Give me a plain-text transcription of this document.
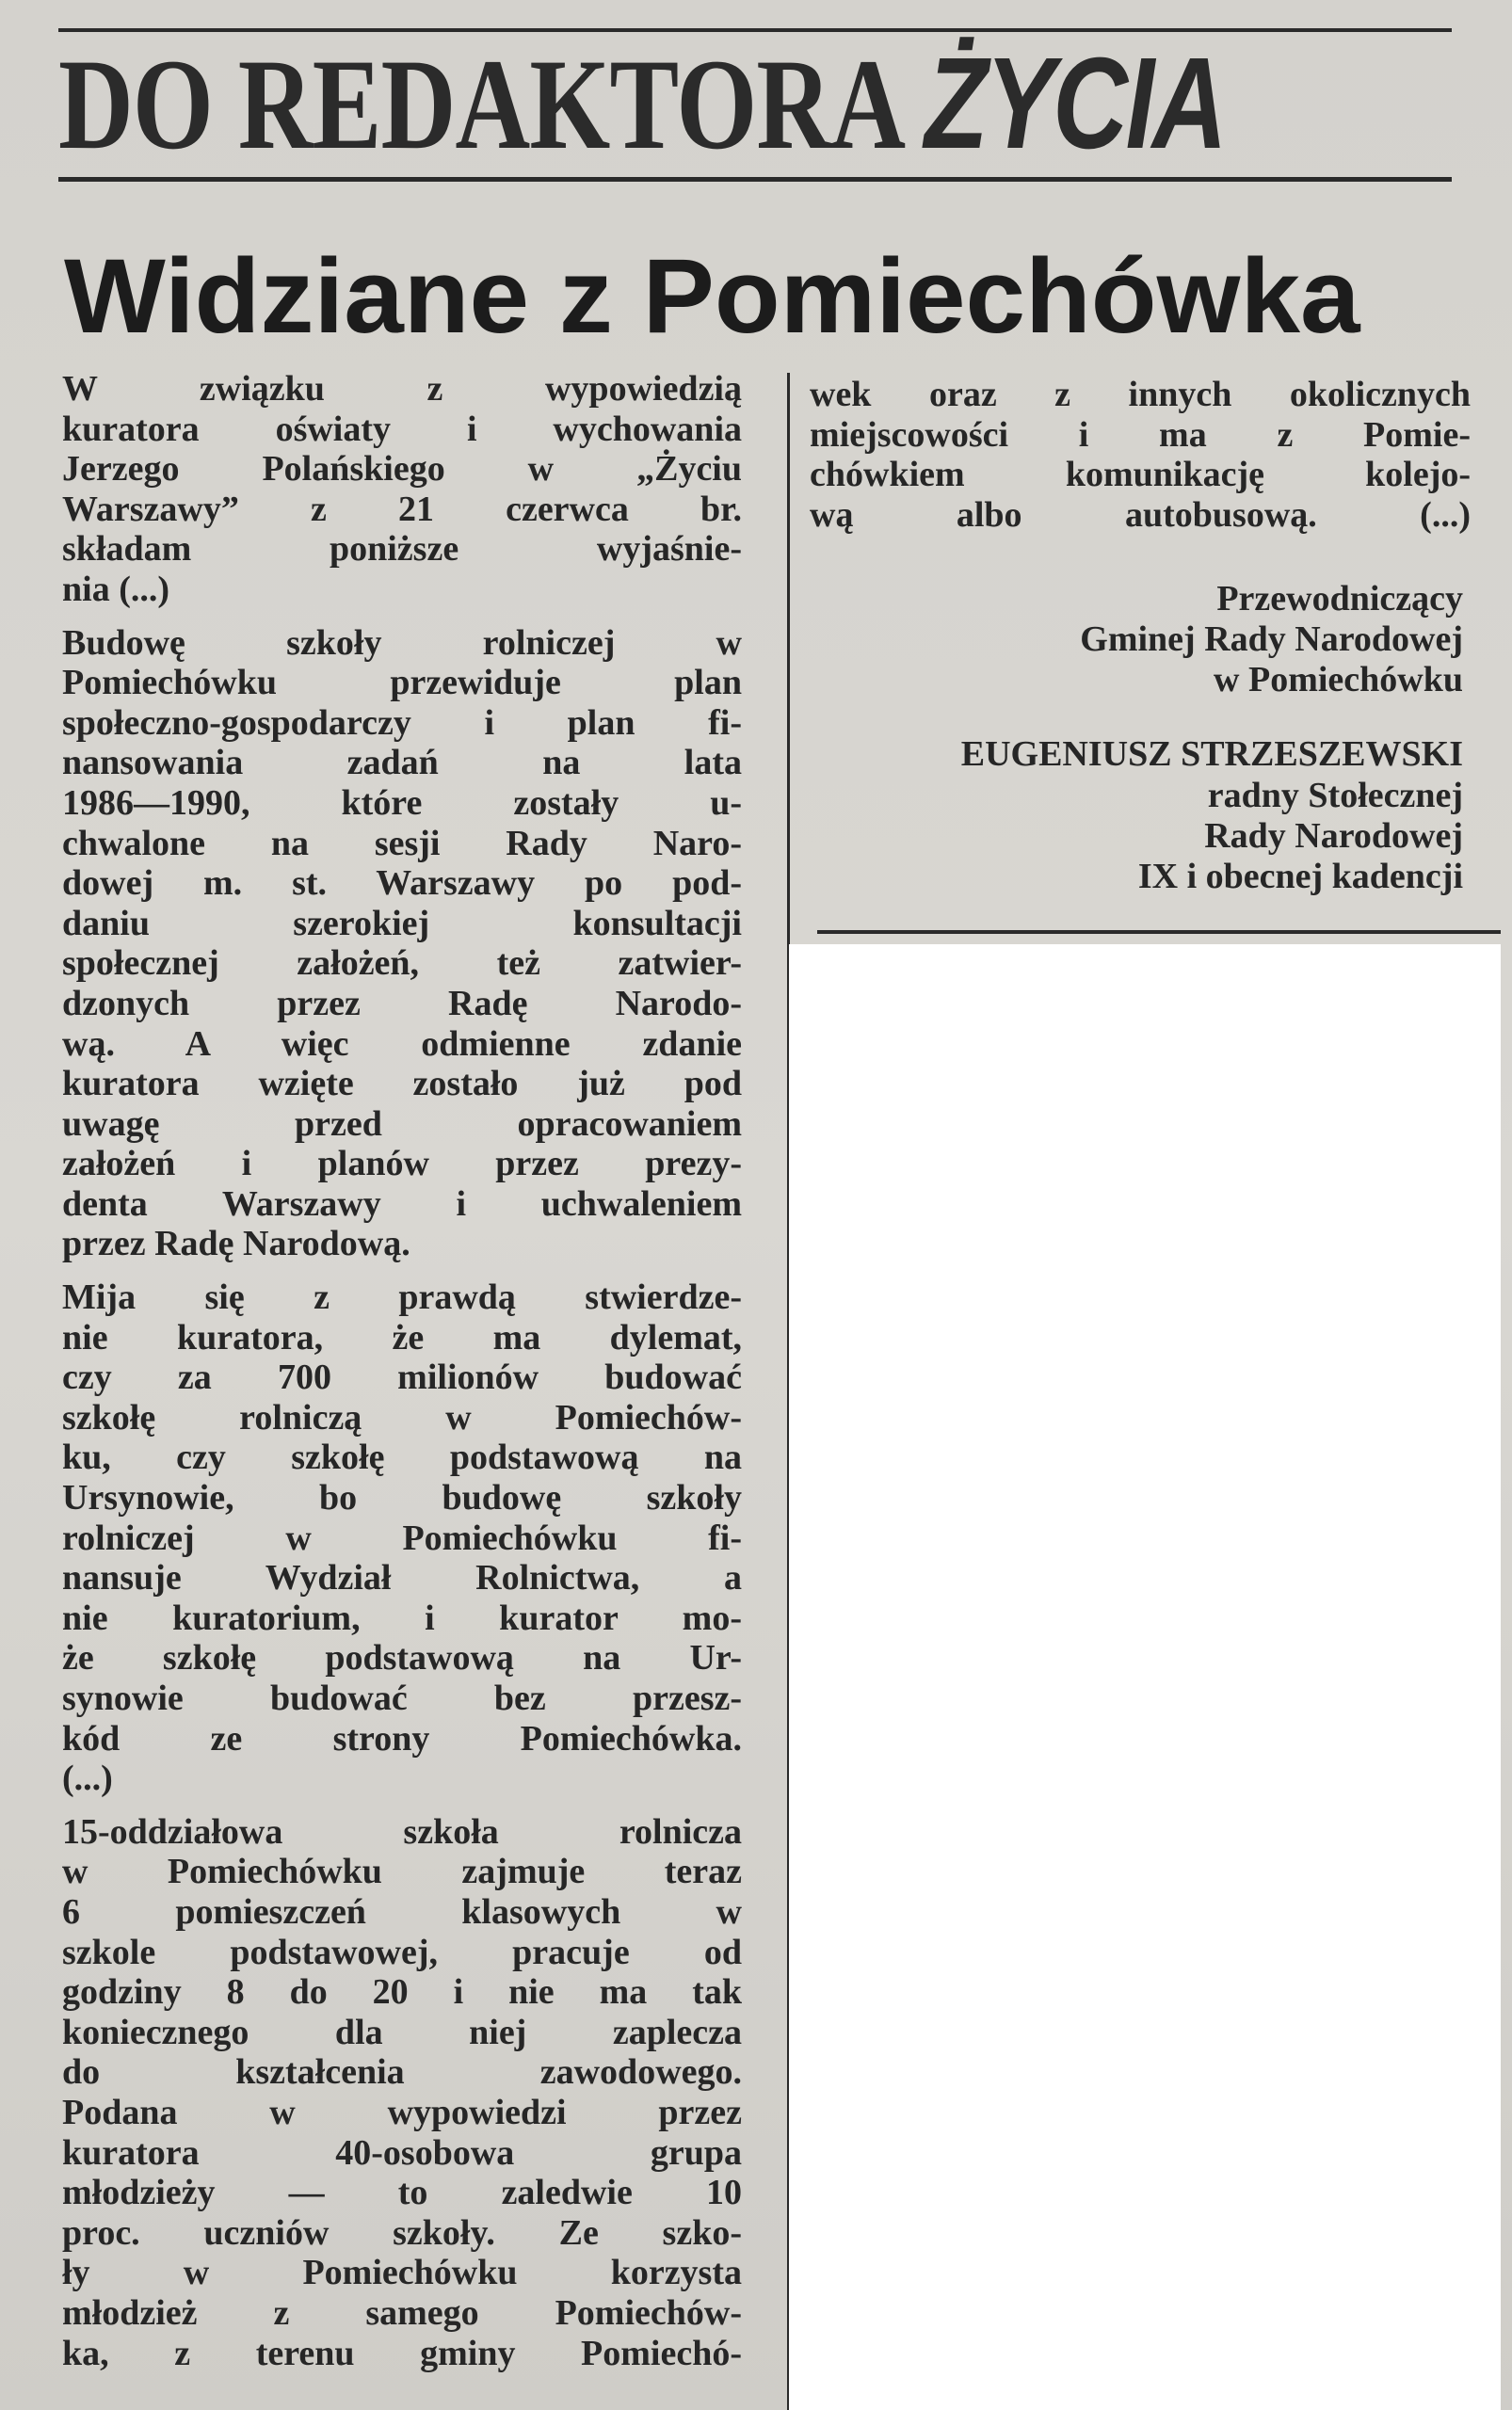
DO REDAKTORA ŻYCIA
Widziane z Pomiechówka
W związku z wypowiedzią
kuratora oświaty i wychowania
Jerzego Polańskiego w „Życiu
Warszawy” z 21 czerwca br.
składam poniższe wyjaśnie-
nia (...)
Budowę szkoły rolniczej w
Pomiechówku przewiduje plan
społeczno-gospodarczy i plan fi-
nansowania zadań na lata
1986—1990, które zostały u-
chwalone na sesji Rady Naro-
dowej m. st. Warszawy po pod-
daniu szerokiej konsultacji
społecznej założeń, też zatwier-
dzonych przez Radę Narodo-
wą. A więc odmienne zdanie
kuratora wzięte zostało już pod
uwagę przed opracowaniem
założeń i planów przez prezy-
denta Warszawy i uchwaleniem
przez Radę Narodową.
Mija się z prawdą stwierdze-
nie kuratora, że ma dylemat,
czy za 700 milionów budować
szkołę rolniczą w Pomiechów-
ku, czy szkołę podstawową na
Ursynowie, bo budowę szkoły
rolniczej w Pomiechówku fi-
nansuje Wydział Rolnictwa, a
nie kuratorium, i kurator mo-
że szkołę podstawową na Ur-
synowie budować bez przesz-
kód ze strony Pomiechówka.
(...)
15-oddziałowa szkoła rolnicza
w Pomiechówku zajmuje teraz
6 pomieszczeń klasowych w
szkole podstawowej, pracuje od
godziny 8 do 20 i nie ma tak
koniecznego dla niej zaplecza
do kształcenia zawodowego.
Podana w wypowiedzi przez
kuratora 40-osobowa grupa
młodzieży — to zaledwie 10
proc. uczniów szkoły. Ze szko-
ły w Pomiechówku korzysta
młodzież z samego Pomiechów-
ka, z terenu gminy Pomiechó-
wek oraz z innych okolicznych
miejscowości i ma z Pomie-
chówkiem komunikację kolejo-
wą albo autobusową. (...)
Przewodniczący
Gminej Rady Narodowej
w Pomiechówku
EUGENIUSZ STRZESZEWSKI
radny Stołecznej
Rady Narodowej
IX i obecnej kadencji
